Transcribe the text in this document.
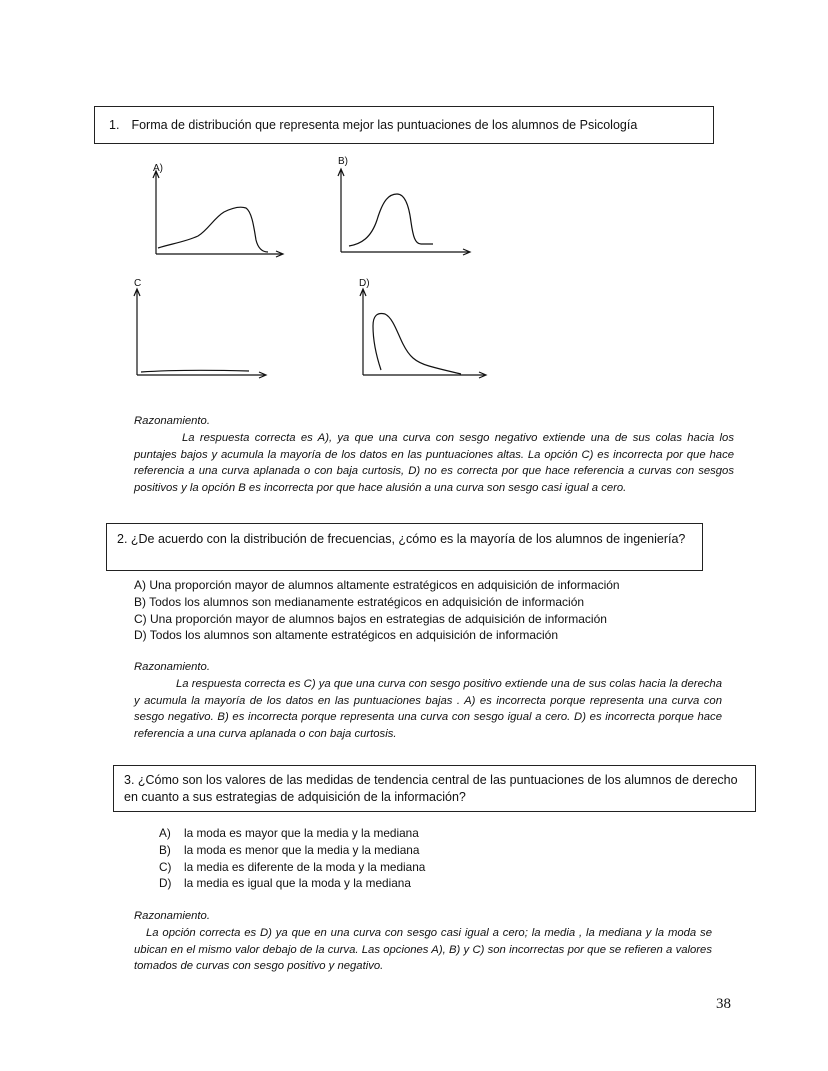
1. Forma de distribución que representa mejor las puntuaciones de los alumnos de Psicología
A)
B)
C	D)
Razonamiento.
La respuesta correcta es A), ya que una curva con sesgo negativo extiende una de sus colas hacia los puntajes bajos y acumula la mayoría de los datos en las puntuaciones altas. La opción C) es incorrecta por que hace referencia a una curva aplanada o con baja curtosis, D) no es correcta por que hace referencia a curvas con sesgos positivos y la opción B es incorrecta por que hace alusión a una curva son sesgo casi igual a cero.
2. ¿De acuerdo con la distribución de frecuencias, ¿cómo es la mayoría de los alumnos de ingeniería?
A) Una proporción mayor de alumnos altamente estratégicos en adquisición de información
B) Todos los alumnos son medianamente estratégicos en adquisición de información
C) Una proporción mayor de alumnos bajos en estrategias de adquisición de información
D) Todos los alumnos son altamente estratégicos en adquisición de información
Razonamiento.
La respuesta correcta es C) ya que una curva con sesgo positivo extiende una de sus colas hacia la derecha y acumula la mayoría de los datos en las puntuaciones bajas . A) es incorrecta porque representa una curva con sesgo negativo. B) es incorrecta porque representa una curva con sesgo igual a cero. D) es incorrecta porque hace referencia a una curva aplanada o con baja curtosis.
3. ¿Cómo son los valores de las medidas de tendencia central de las puntuaciones de los alumnos de derecho en cuanto a sus estrategias de adquisición de la información?
A)	la moda es mayor que la media y la mediana
B)	la moda es menor que la media y la mediana
C)	la media es diferente de la moda y la mediana
D)	la media es igual que la moda y la mediana
Razonamiento.
La opción correcta es D) ya que en una curva con sesgo casi igual a cero; la media , la mediana y la moda se ubican en el mismo valor debajo de la curva. Las opciones A), B) y C) son incorrectas por que se refieren a valores tomados de curvas con sesgo positivo y negativo.
38
